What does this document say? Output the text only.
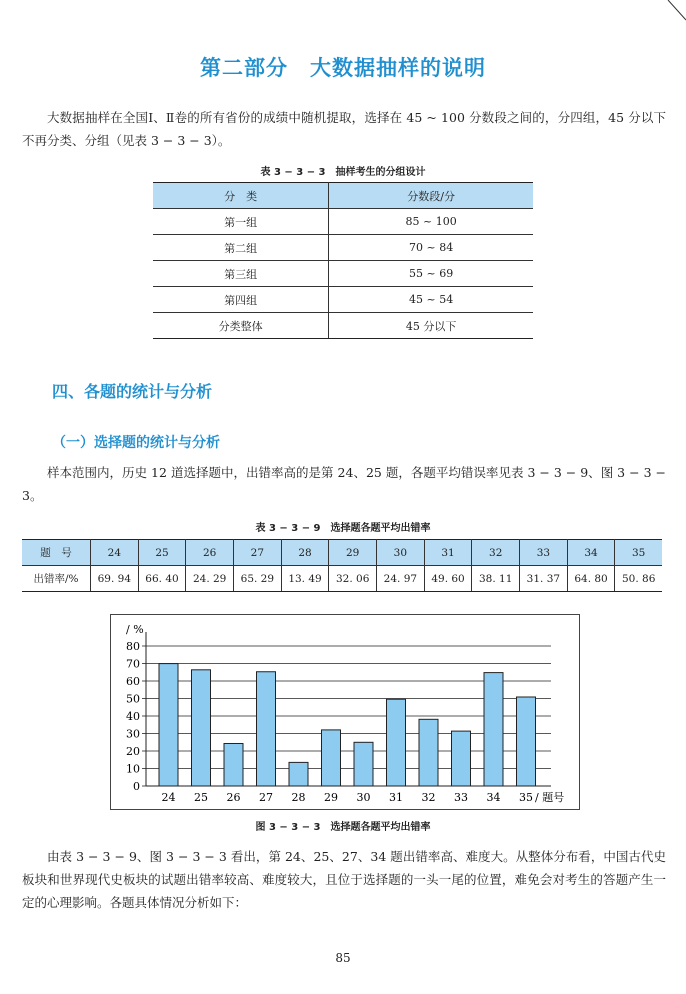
第二部分　大数据抽样的说明

大数据抽样在全国Ⅰ、Ⅱ卷的所有省份的成绩中随机提取，选择在 45 ~ 100 分数段之间的，分四组，45 分以下不再分类、分组（见表 3 − 3 − 3）。

表 3 − 3 − 3　抽样考生的分组设计
分　类	分数段/分
第一组	85 ~ 100
第二组	70 ~ 84
第三组	55 ~ 69
第四组	45 ~ 54
分类整体	45 分以下
四、各题的统计与分析
（一）选择题的统计与分析

样本范围内，历史 12 道选择题中，出错率高的是第 24、25 题，各题平均错误率见表 3 − 3 − 9、图 3 − 3 − 3。

表 3 − 3 − 9　选择题各题平均出错率
题　号	24	25	26	27	28	29	30	31	32	33	34	35
出错率/%	69. 94	66. 40	24. 29	65. 29	13. 49	32. 06	24. 97	49. 60	38. 11	31. 37	64. 80	50. 86
0
10
20
30
40
50
60
70
80
/ %
24 25 26 27 28 29 30 31 32 33 34 35 / 题号
图 3 − 3 − 3　选择题各题平均出错率

由表 3 − 3 − 9、图 3 − 3 − 3 看出，第 24、25、27、34 题出错率高、难度大。从整体分布看，中国古代史板块和世界现代史板块的试题出错率较高、难度较大，且位于选择题的一头一尾的位置，难免会对考生的答题产生一定的心理影响。各题具体情况分析如下：

85
